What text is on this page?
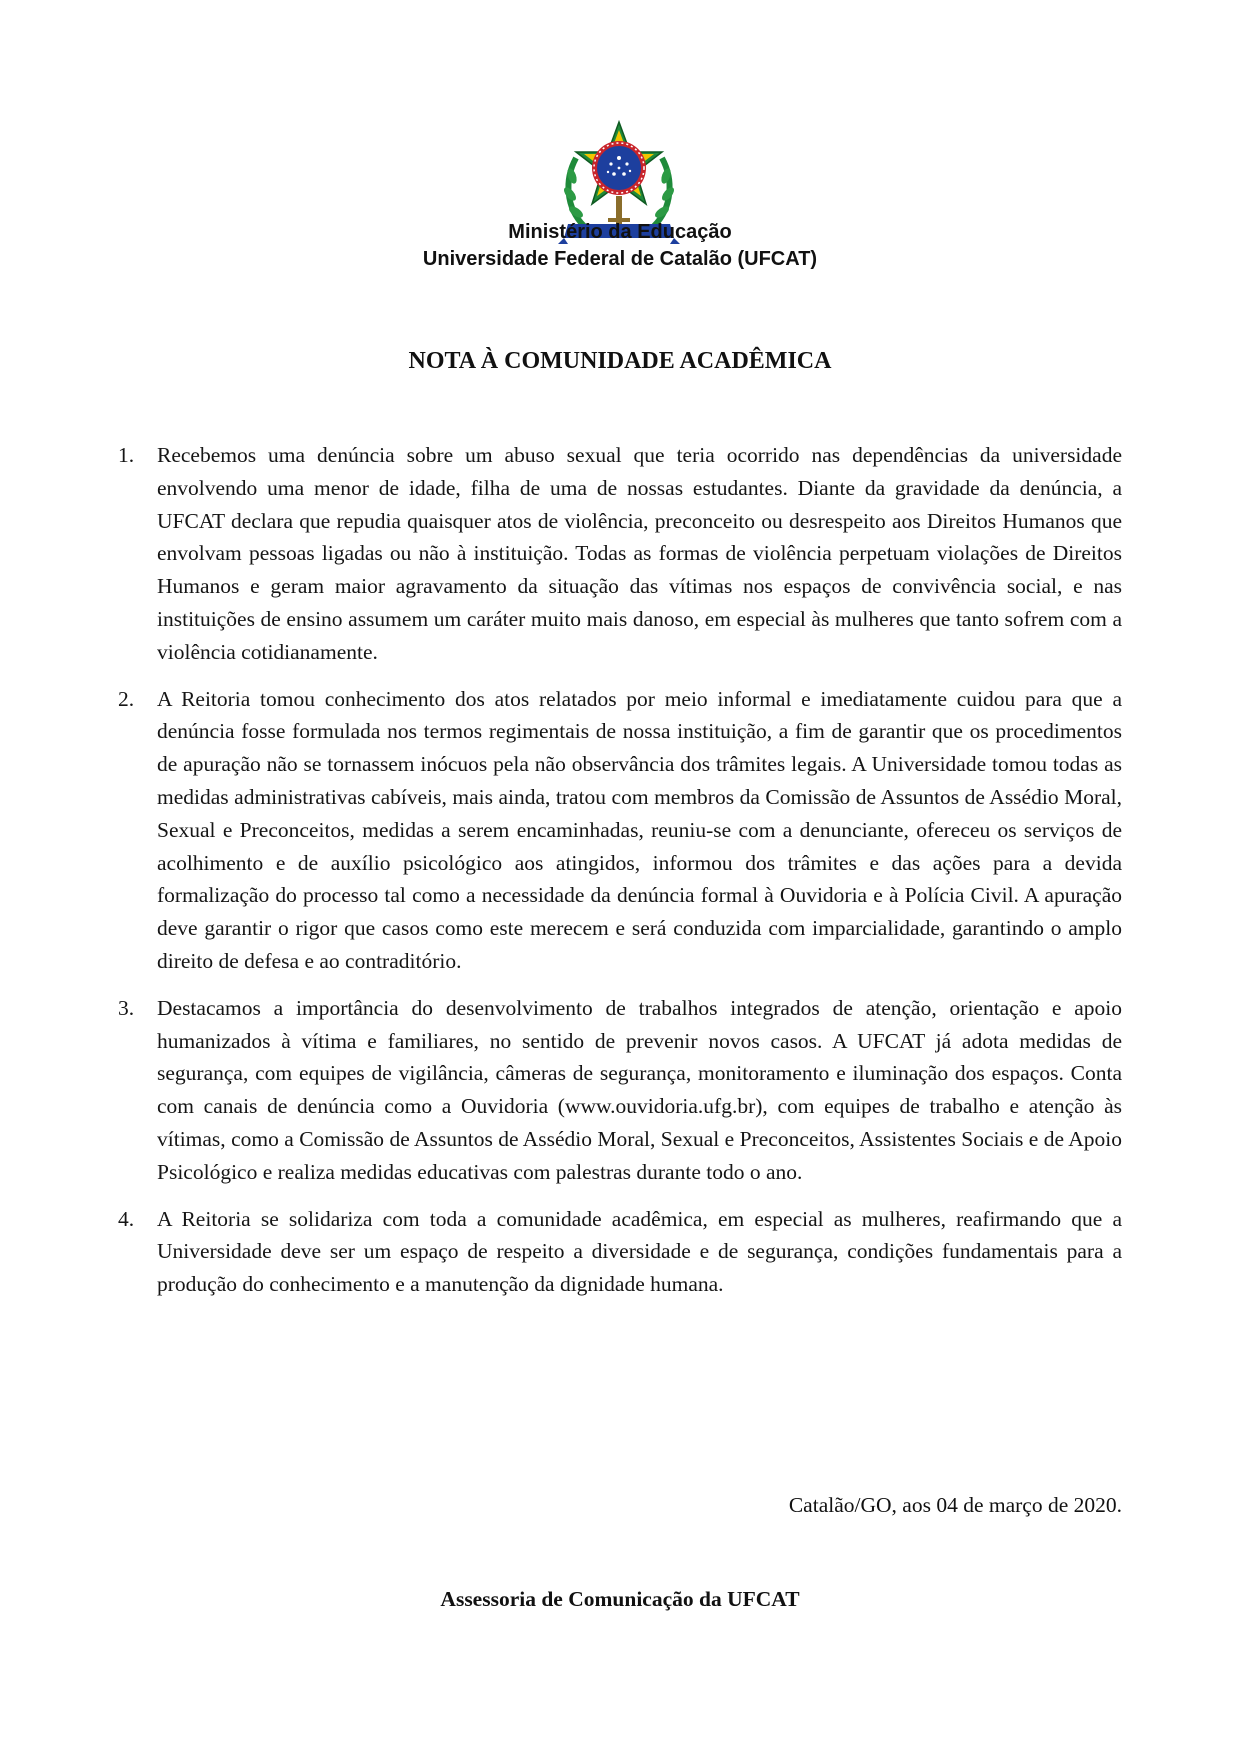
Ministério da Educação
Universidade Federal de Catalão (UFCAT)
NOTA À COMUNIDADE ACADÊMICA
1. Recebemos uma denúncia sobre um abuso sexual que teria ocorrido nas dependências da universidade envolvendo uma menor de idade, filha de uma de nossas estudantes. Diante da gravidade da denúncia, a UFCAT declara que repudia quaisquer atos de violência, preconceito ou desrespeito aos Direitos Humanos que envolvam pessoas ligadas ou não à instituição. Todas as formas de violência perpetuam violações de Direitos Humanos e geram maior agravamento da situação das vítimas nos espaços de convivência social, e nas instituições de ensino assumem um caráter muito mais danoso, em especial às mulheres que tanto sofrem com a violência cotidianamente.
2. A Reitoria tomou conhecimento dos atos relatados por meio informal e imediatamente cuidou para que a denúncia fosse formulada nos termos regimentais de nossa instituição, a fim de garantir que os procedimentos de apuração não se tornassem inócuos pela não observância dos trâmites legais. A Universidade tomou todas as medidas administrativas cabíveis, mais ainda, tratou com membros da Comissão de Assuntos de Assédio Moral, Sexual e Preconceitos, medidas a serem encaminhadas, reuniu-se com a denunciante, ofereceu os serviços de acolhimento e de auxílio psicológico aos atingidos, informou dos trâmites e das ações para a devida formalização do processo tal como a necessidade da denúncia formal à Ouvidoria e à Polícia Civil. A apuração deve garantir o rigor que casos como este merecem e será conduzida com imparcialidade, garantindo o amplo direito de defesa e ao contraditório.
3. Destacamos a importância do desenvolvimento de trabalhos integrados de atenção, orientação e apoio humanizados à vítima e familiares, no sentido de prevenir novos casos. A UFCAT já adota medidas de segurança, com equipes de vigilância, câmeras de segurança, monitoramento e iluminação dos espaços. Conta com canais de denúncia como a Ouvidoria (www.ouvidoria.ufg.br), com equipes de trabalho e atenção às vítimas, como a Comissão de Assuntos de Assédio Moral, Sexual e Preconceitos, Assistentes Sociais e de Apoio Psicológico e realiza medidas educativas com palestras durante todo o ano.
4. A Reitoria se solidariza com toda a comunidade acadêmica, em especial as mulheres, reafirmando que a Universidade deve ser um espaço de respeito a diversidade e de segurança, condições fundamentais para a produção do conhecimento e a manutenção da dignidade humana.
Catalão/GO, aos 04 de março de 2020.
Assessoria de Comunicação da UFCAT
